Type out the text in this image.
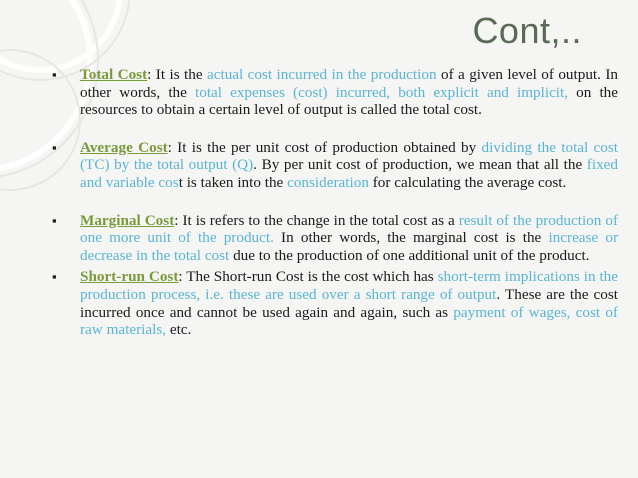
Cont,..
▪ Total Cost: It is the actual cost incurred in the production of a given level of output. In other words, the total expenses (cost) incurred, both explicit and implicit, on the resources to obtain a certain level of output is called the total cost.
▪ Average Cost: It is the per unit cost of production obtained by dividing the total cost (TC) by the total output (Q). By per unit cost of production, we mean that all the fixed and variable cost is taken into the consideration for calculating the average cost.
▪ Marginal Cost: It is refers to the change in the total cost as a result of the production of one more unit of the product. In other words, the marginal cost is the increase or decrease in the total cost due to the production of one additional unit of the product.
▪ Short-run Cost: The Short-run Cost is the cost which has short-term implications in the production process, i.e. these are used over a short range of output. These are the cost incurred once and cannot be used again and again, such as payment of wages, cost of raw materials, etc.
